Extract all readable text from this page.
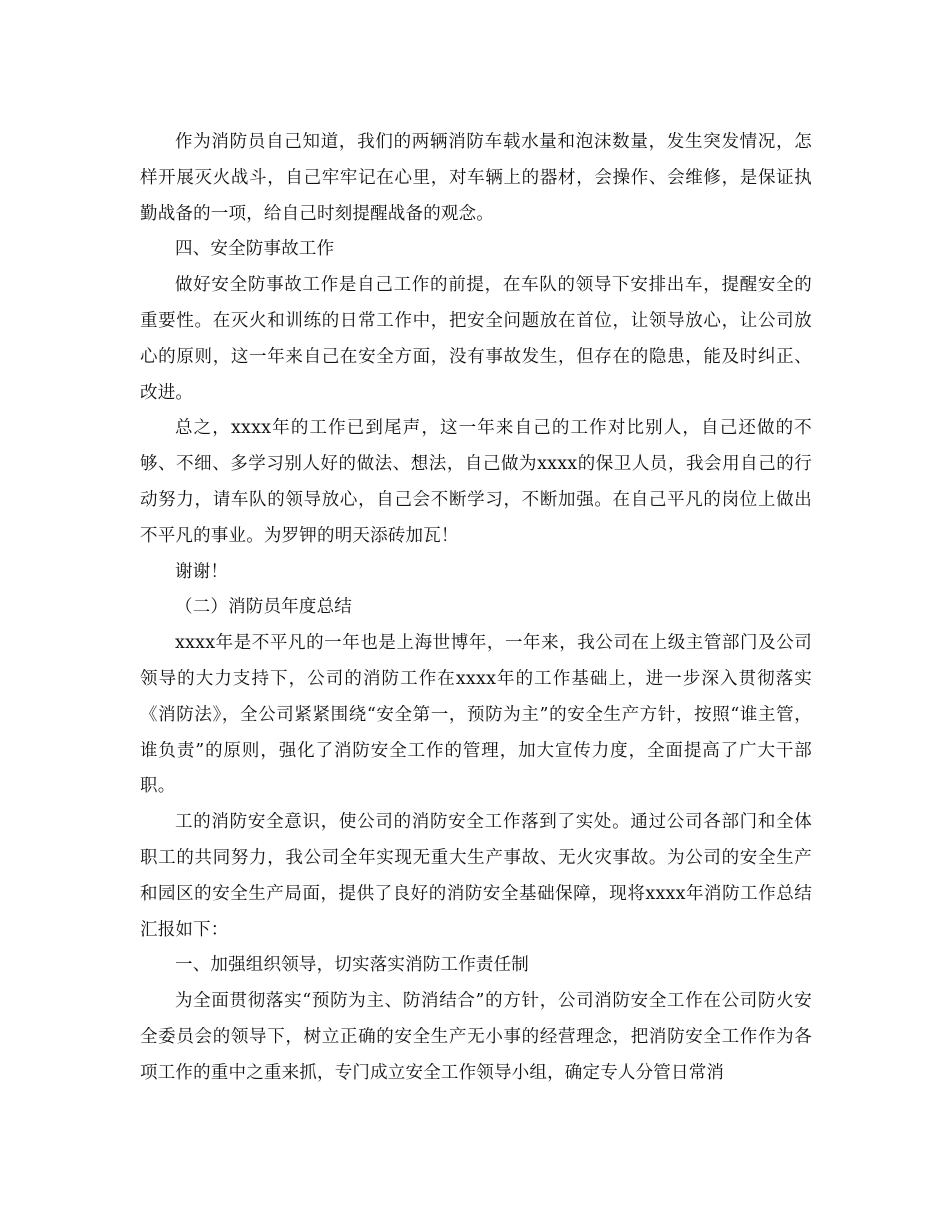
作为消防员自己知道，我们的两辆消防车载水量和泡沫数量，发生突发情况，怎样开展灭火战斗，自己牢牢记在心里，对车辆上的器材，会操作、会维修，是保证执勤战备的一项，给自己时刻提醒战备的观念。

四、安全防事故工作

做好安全防事故工作是自己工作的前提，在车队的领导下安排出车，提醒安全的重要性。在灭火和训练的日常工作中，把安全问题放在首位，让领导放心，让公司放心的原则，这一年来自己在安全方面，没有事故发生，但存在的隐患，能及时纠正、改进。

总之，xxxx年的工作已到尾声，这一年来自己的工作对比别人，自己还做的不够、不细、多学习别人好的做法、想法，自己做为xxxx的保卫人员，我会用自己的行动努力，请车队的领导放心，自己会不断学习，不断加强。在自己平凡的岗位上做出不平凡的事业。为罗钾的明天添砖加瓦！

谢谢！

（二）消防员年度总结

xxxx年是不平凡的一年也是上海世博年，一年来，我公司在上级主管部门及公司领导的大力支持下，公司的消防工作在xxxx年的工作基础上，进一步深入贯彻落实《消防法》，全公司紧紧围绕“安全第一，预防为主”的安全生产方针，按照“谁主管，谁负责”的原则，强化了消防安全工作的管理，加大宣传力度，全面提高了广大干部职。

工的消防安全意识，使公司的消防安全工作落到了实处。通过公司各部门和全体职工的共同努力，我公司全年实现无重大生产事故、无火灾事故。为公司的安全生产和园区的安全生产局面，提供了良好的消防安全基础保障，现将xxxx年消防工作总结汇报如下：

一、加强组织领导，切实落实消防工作责任制

为全面贯彻落实“预防为主、防消结合”的方针，公司消防安全工作在公司防火安全委员会的领导下，树立正确的安全生产无小事的经营理念，把消防安全工作作为各项工作的重中之重来抓，专门成立安全工作领导小组，确定专人分管日常消
